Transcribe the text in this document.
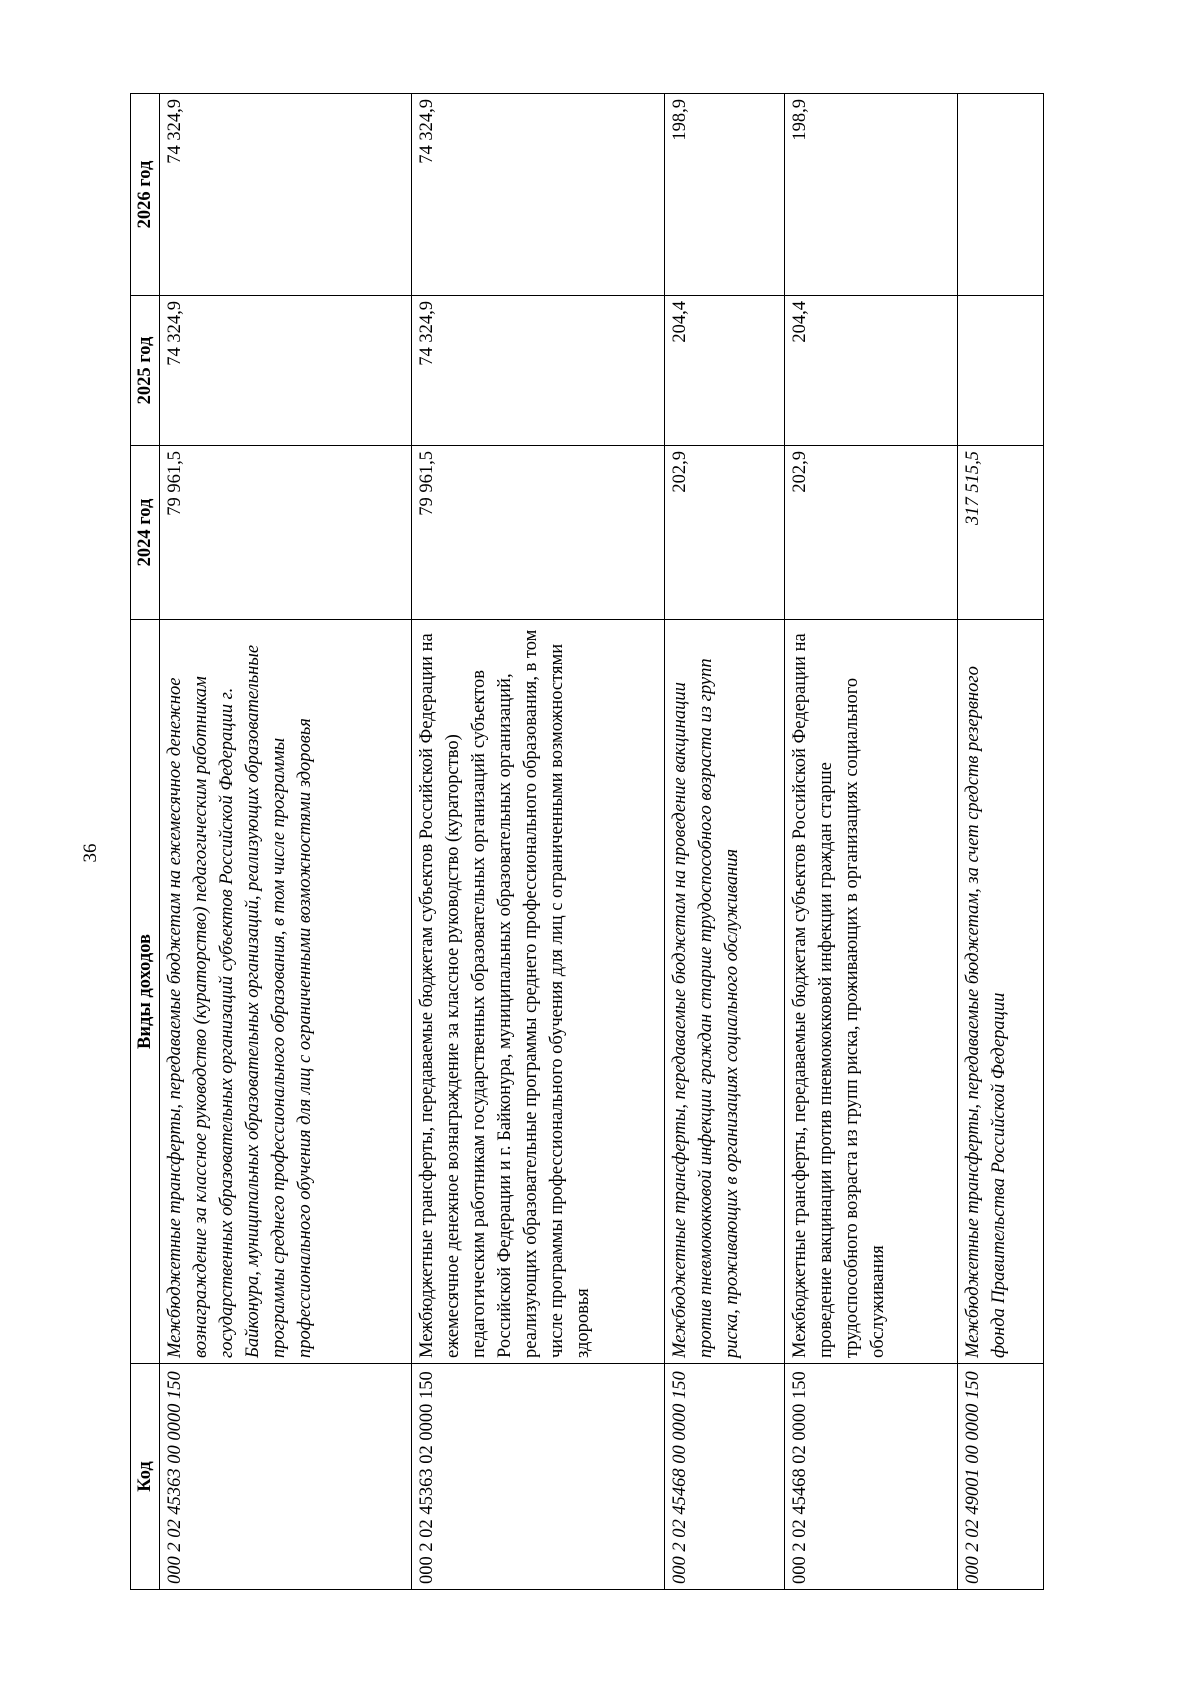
36
Код	Виды доходов	2024 год	2025 год	2026 год
000 2 02 45363 00 0000 150	Межбюджетные трансферты, передаваемые бюджетам на ежемесячное денежное вознаграждение за классное руководство (кураторство) педагогическим работникам государственных образовательных организаций субъектов Российской Федерации г. Байконура, муниципальных образовательных организаций, реализующих образовательные программы среднего профессионального образования, в том числе программы профессионального обучения для лиц с ограниченными возможностями здоровья	79 961,5	74 324,9	74 324,9
000 2 02 45363 02 0000 150	Межбюджетные трансферты, передаваемые бюджетам субъектов Российской Федерации на ежемесячное денежное вознаграждение за классное руководство (кураторство) педагогическим работникам государственных образовательных организаций субъектов Российской Федерации и г. Байконура, муниципальных образовательных организаций, реализующих образовательные программы среднего профессионального образования, в том числе программы профессионального обучения для лиц с ограниченными возможностями здоровья	79 961,5	74 324,9	74 324,9
000 2 02 45468 00 0000 150	Межбюджетные трансферты, передаваемые бюджетам на проведение вакцинации против пневмококковой инфекции граждан старше трудоспособного возраста из групп риска, проживающих в организациях социального обслуживания	202,9	204,4	198,9
000 2 02 45468 02 0000 150	Межбюджетные трансферты, передаваемые бюджетам субъектов Российской Федерации на проведение вакцинации против пневмококковой инфекции граждан старше трудоспособного возраста из групп риска, проживающих в организациях социального обслуживания	202,9	204,4	198,9
000 2 02 49001 00 0000 150	Межбюджетные трансферты, передаваемые бюджетам, за счет средств резервного фонда Правительства Российской Федерации	317 515,5		
